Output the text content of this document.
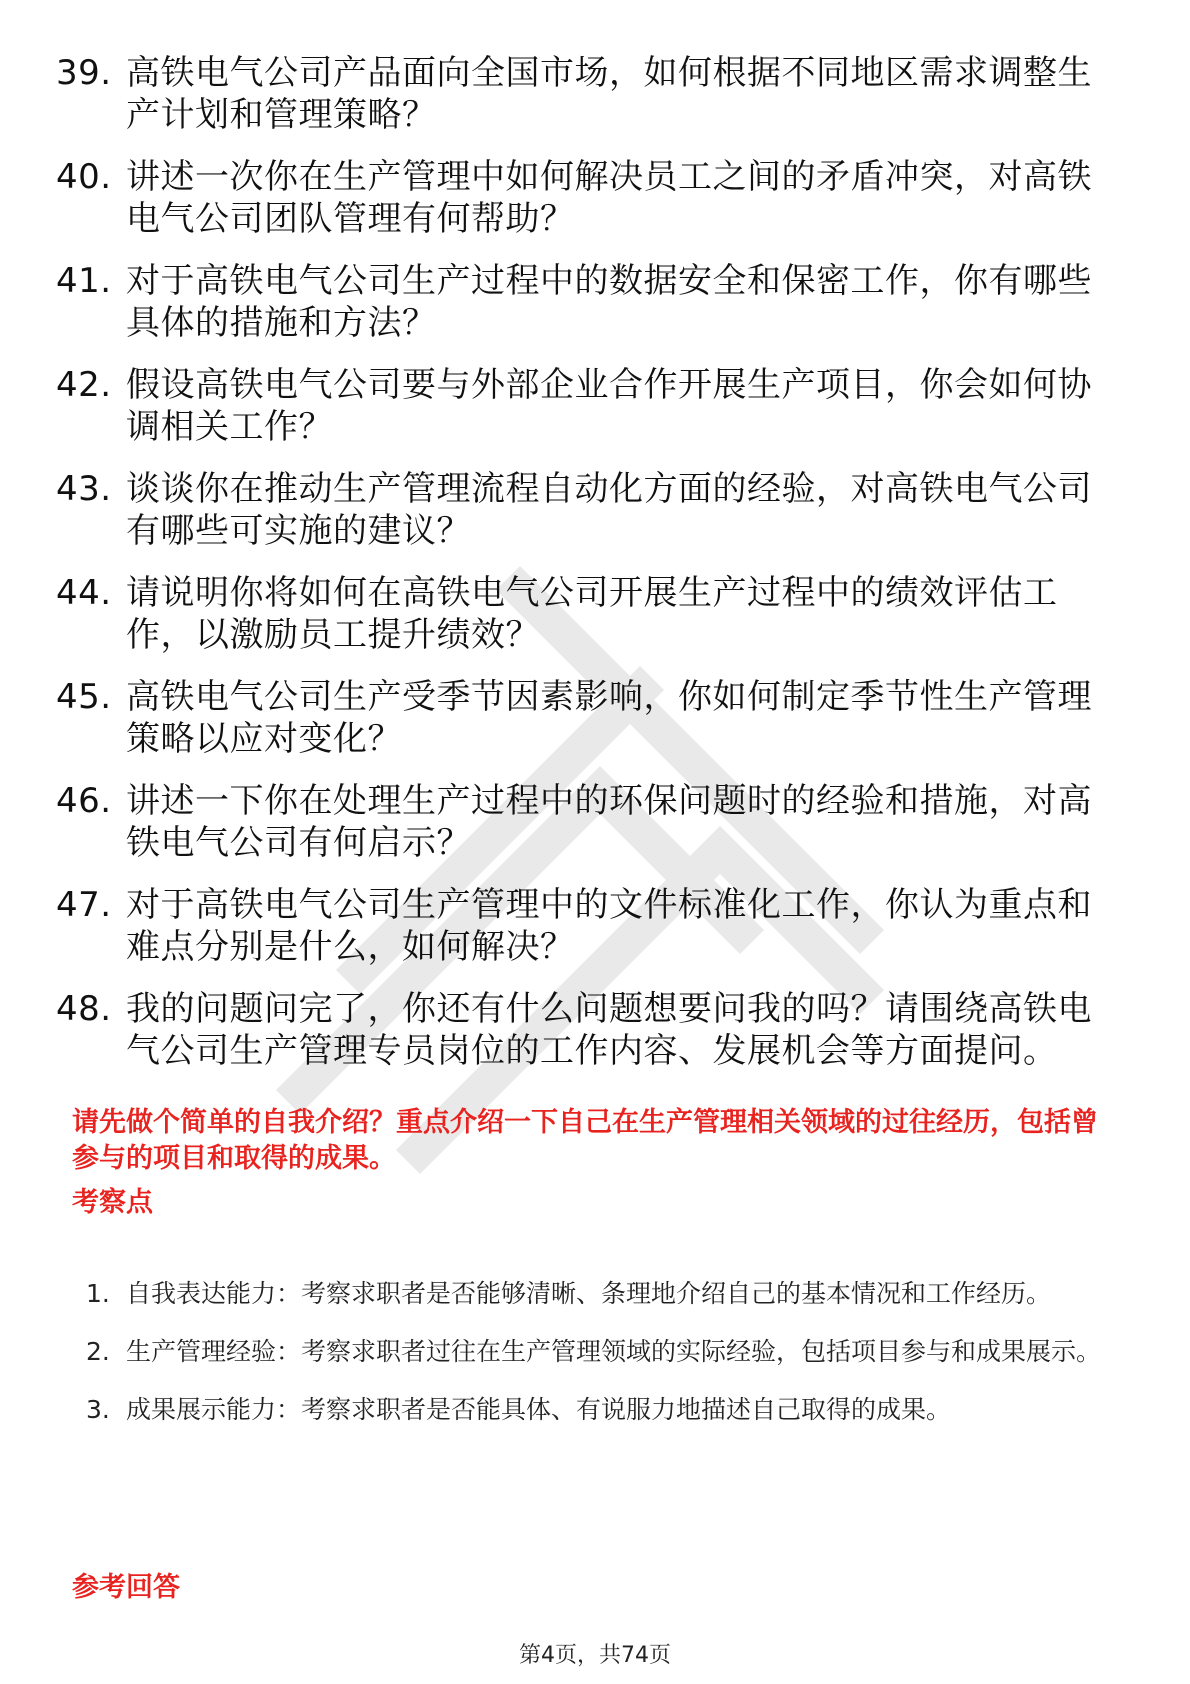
39. 高铁电气公司产品面向全国市场，如何根据不同地区需求调整生产计划和管理策略？
40. 讲述一次你在生产管理中如何解决员工之间的矛盾冲突，对高铁电气公司团队管理有何帮助？
41. 对于高铁电气公司生产过程中的数据安全和保密工作，你有哪些具体的措施和方法？
42. 假设高铁电气公司要与外部企业合作开展生产项目，你会如何协调相关工作？
43. 谈谈你在推动生产管理流程自动化方面的经验，对高铁电气公司有哪些可实施的建议？
44. 请说明你将如何在高铁电气公司开展生产过程中的绩效评估工作，以激励员工提升绩效？
45. 高铁电气公司生产受季节因素影响，你如何制定季节性生产管理策略以应对变化？
46. 讲述一下你在处理生产过程中的环保问题时的经验和措施，对高铁电气公司有何启示？
47. 对于高铁电气公司生产管理中的文件标准化工作，你认为重点和难点分别是什么，如何解决？
48. 我的问题问完了，你还有什么问题想要问我的吗？请围绕高铁电气公司生产管理专员岗位的工作内容、发展机会等方面提问。
请先做个简单的自我介绍？重点介绍一下自己在生产管理相关领域的过往经历，包括曾参与的项目和取得的成果。
考察点
1. 自我表达能力：考察求职者是否能够清晰、条理地介绍自己的基本情况和工作经历。
2. 生产管理经验：考察求职者过往在生产管理领域的实际经验，包括项目参与和成果展示。
3. 成果展示能力：考察求职者是否能具体、有说服力地描述自己取得的成果。
参考回答
第4页，共74页
